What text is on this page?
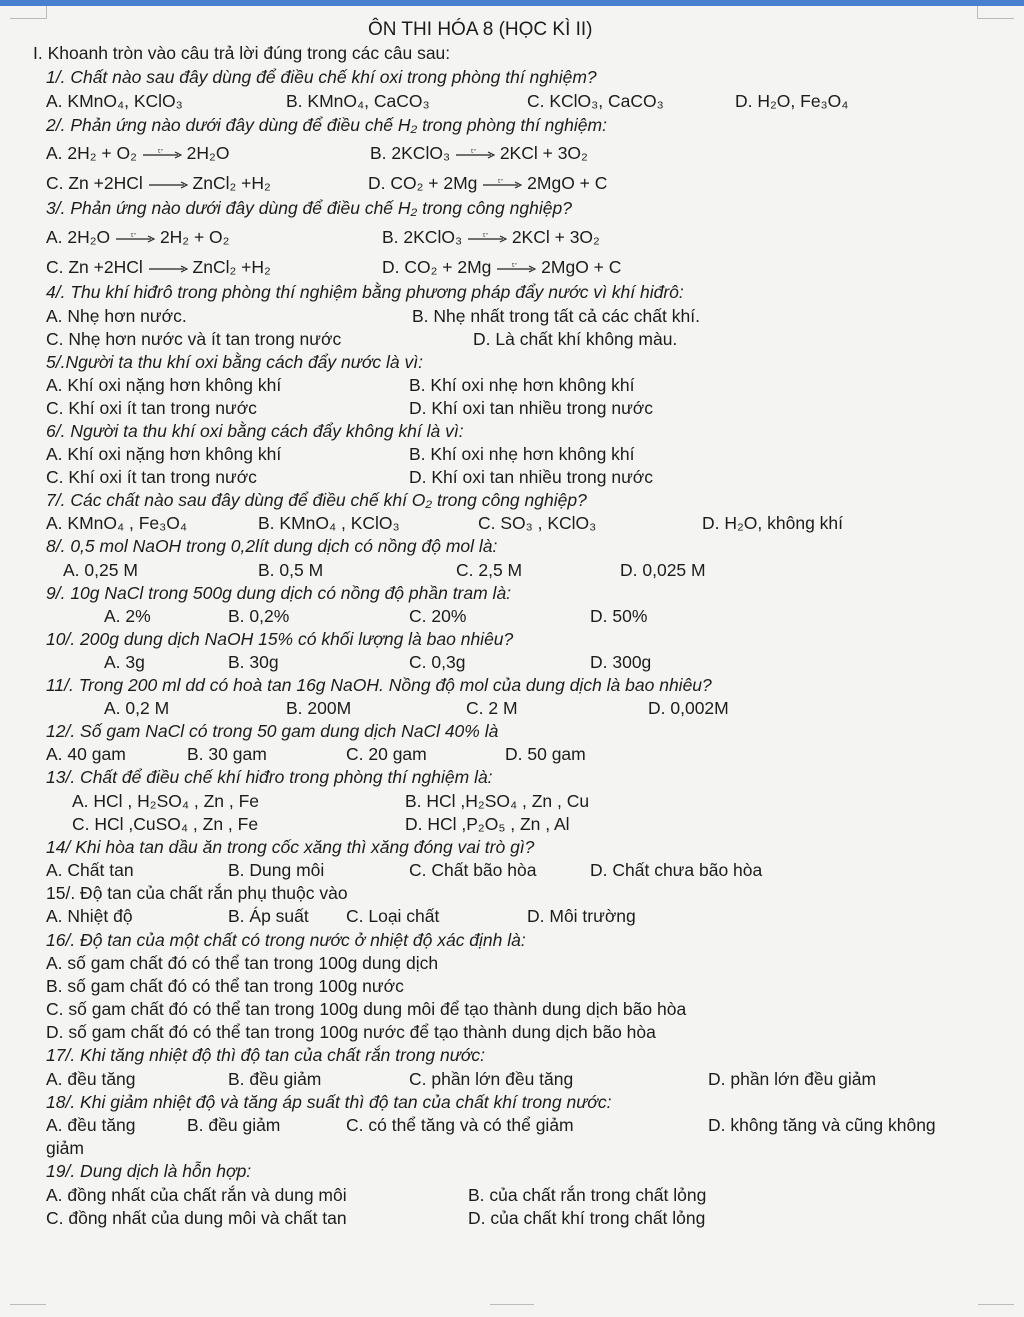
ÔN THI HÓA 8 (HỌC KÌ II)
I. Khoanh tròn vào câu trả lời đúng trong các câu sau:
1/. Chất nào sau đây dùng để điều chế khí oxi trong phòng thí nghiệm?
A. KMnO₄, KClO₃	B. KMnO₄, CaCO₃	C. KClO₃, CaCO₃	D. H₂O, Fe₃O₄
2/. Phản ứng nào dưới đây dùng để điều chế H₂ trong phòng thí nghiệm:
A. 2H₂ + O₂	t° 2H₂O	B. 2KClO₃	t° 2KCl + 3O₂
C. Zn +2HCl → ZnCl₂ +H₂	D. CO₂ + 2Mg	t° 2MgO + C
3/. Phản ứng nào dưới đây dùng để điều chế H₂ trong công nghiệp?
A. 2H₂O	t° 2H₂ + O₂	B. 2KClO₃	t° 2KCl + 3O₂
C. Zn +2HCl → ZnCl₂ +H₂	D. CO₂ + 2Mg	t° 2MgO + C
4/. Thu khí hiđrô trong phòng thí nghiệm bằng phương pháp đẩy nước vì khí hiđrô:
A. Nhẹ hơn nước.	B. Nhẹ nhất trong tất cả các chất khí.
C. Nhẹ hơn nước và ít tan trong nước	D. Là chất khí không màu.
5/.Người ta thu khí oxi bằng cách đẩy nước là vì:
A. Khí oxi nặng hơn không khí	B. Khí oxi nhẹ hơn không khí
C. Khí oxi ít tan trong nước	D. Khí oxi tan nhiều trong nước
6/. Người ta thu khí oxi bằng cách đẩy không khí là vì:
A. Khí oxi nặng hơn không khí	B. Khí oxi nhẹ hơn không khí
C. Khí oxi ít tan trong nước	D. Khí oxi tan nhiều trong nước
7/. Các chất nào sau đây dùng để điều chế khí O₂ trong công nghiệp?
A. KMnO₄ , Fe₃O₄	B. KMnO₄ , KClO₃	C. SO₃ , KClO₃	D. H₂O, không khí
8/. 0,5 mol NaOH trong 0,2lít dung dịch có nồng độ mol là:
A. 0,25 M	B. 0,5 M	C. 2,5 M	D. 0,025 M
9/. 10g NaCl trong 500g dung dịch có nồng độ phần tram là:
A. 2%	B. 0,2%	C. 20%	D. 50%
10/. 200g dung dịch NaOH 15% có khối lượng là bao nhiêu?
A. 3g	B. 30g	C. 0,3g	D. 300g
11/. Trong 200 ml dd có hoà tan 16g NaOH. Nồng độ mol của dung dịch là bao nhiêu?
A. 0,2 M	B. 200M	C. 2 M	D. 0,002M
12/. Số gam NaCl có trong 50 gam dung dịch NaCl 40% là
A. 40 gam	B. 30 gam	C. 20 gam	D. 50 gam
13/. Chất để điều chế khí hiđro trong phòng thí nghiệm là:
A. HCl , H₂SO₄ , Zn , Fe	B. HCl ,H₂SO₄ , Zn , Cu
C. HCl ,CuSO₄ , Zn , Fe	D. HCl ,P₂O₅ , Zn , Al
14/ Khi hòa tan dầu ăn trong cốc xăng thì xăng đóng vai trò gì?
A. Chất tan	B. Dung môi	C. Chất bão hòa	D. Chất chưa bão hòa
15/. Độ tan của chất rắn phụ thuộc vào
A. Nhiệt độ	B. Áp suất C. Loại chất	D. Môi trường
16/. Độ tan của một chất có trong nước ở nhiệt độ xác định là:
A. số gam chất đó có thể tan trong 100g dung dịch
B. số gam chất đó có thể tan trong 100g nước
C. số gam chất đó có thể tan trong 100g dung môi để tạo thành dung dịch bão hòa
D. số gam chất đó có thể tan trong 100g nước để tạo thành dung dịch bão hòa
17/. Khi tăng nhiệt độ thì độ tan của chất rắn trong nước:
A. đều tăng	B. đều giảm	C. phần lớn đều tăng	D. phần lớn đều giảm
18/. Khi giảm nhiệt độ và tăng áp suất thì độ tan của chất khí trong nước:
A. đều tăng	B. đều giảm	C. có thể tăng và có thể giảm	D. không tăng và cũng không
giảm
19/. Dung dịch là hỗn hợp:
A. đồng nhất của chất rắn và dung môi	B. của chất rắn trong chất lỏng
C. đồng nhất của dung môi và chất tan	D. của chất khí trong chất lỏng
